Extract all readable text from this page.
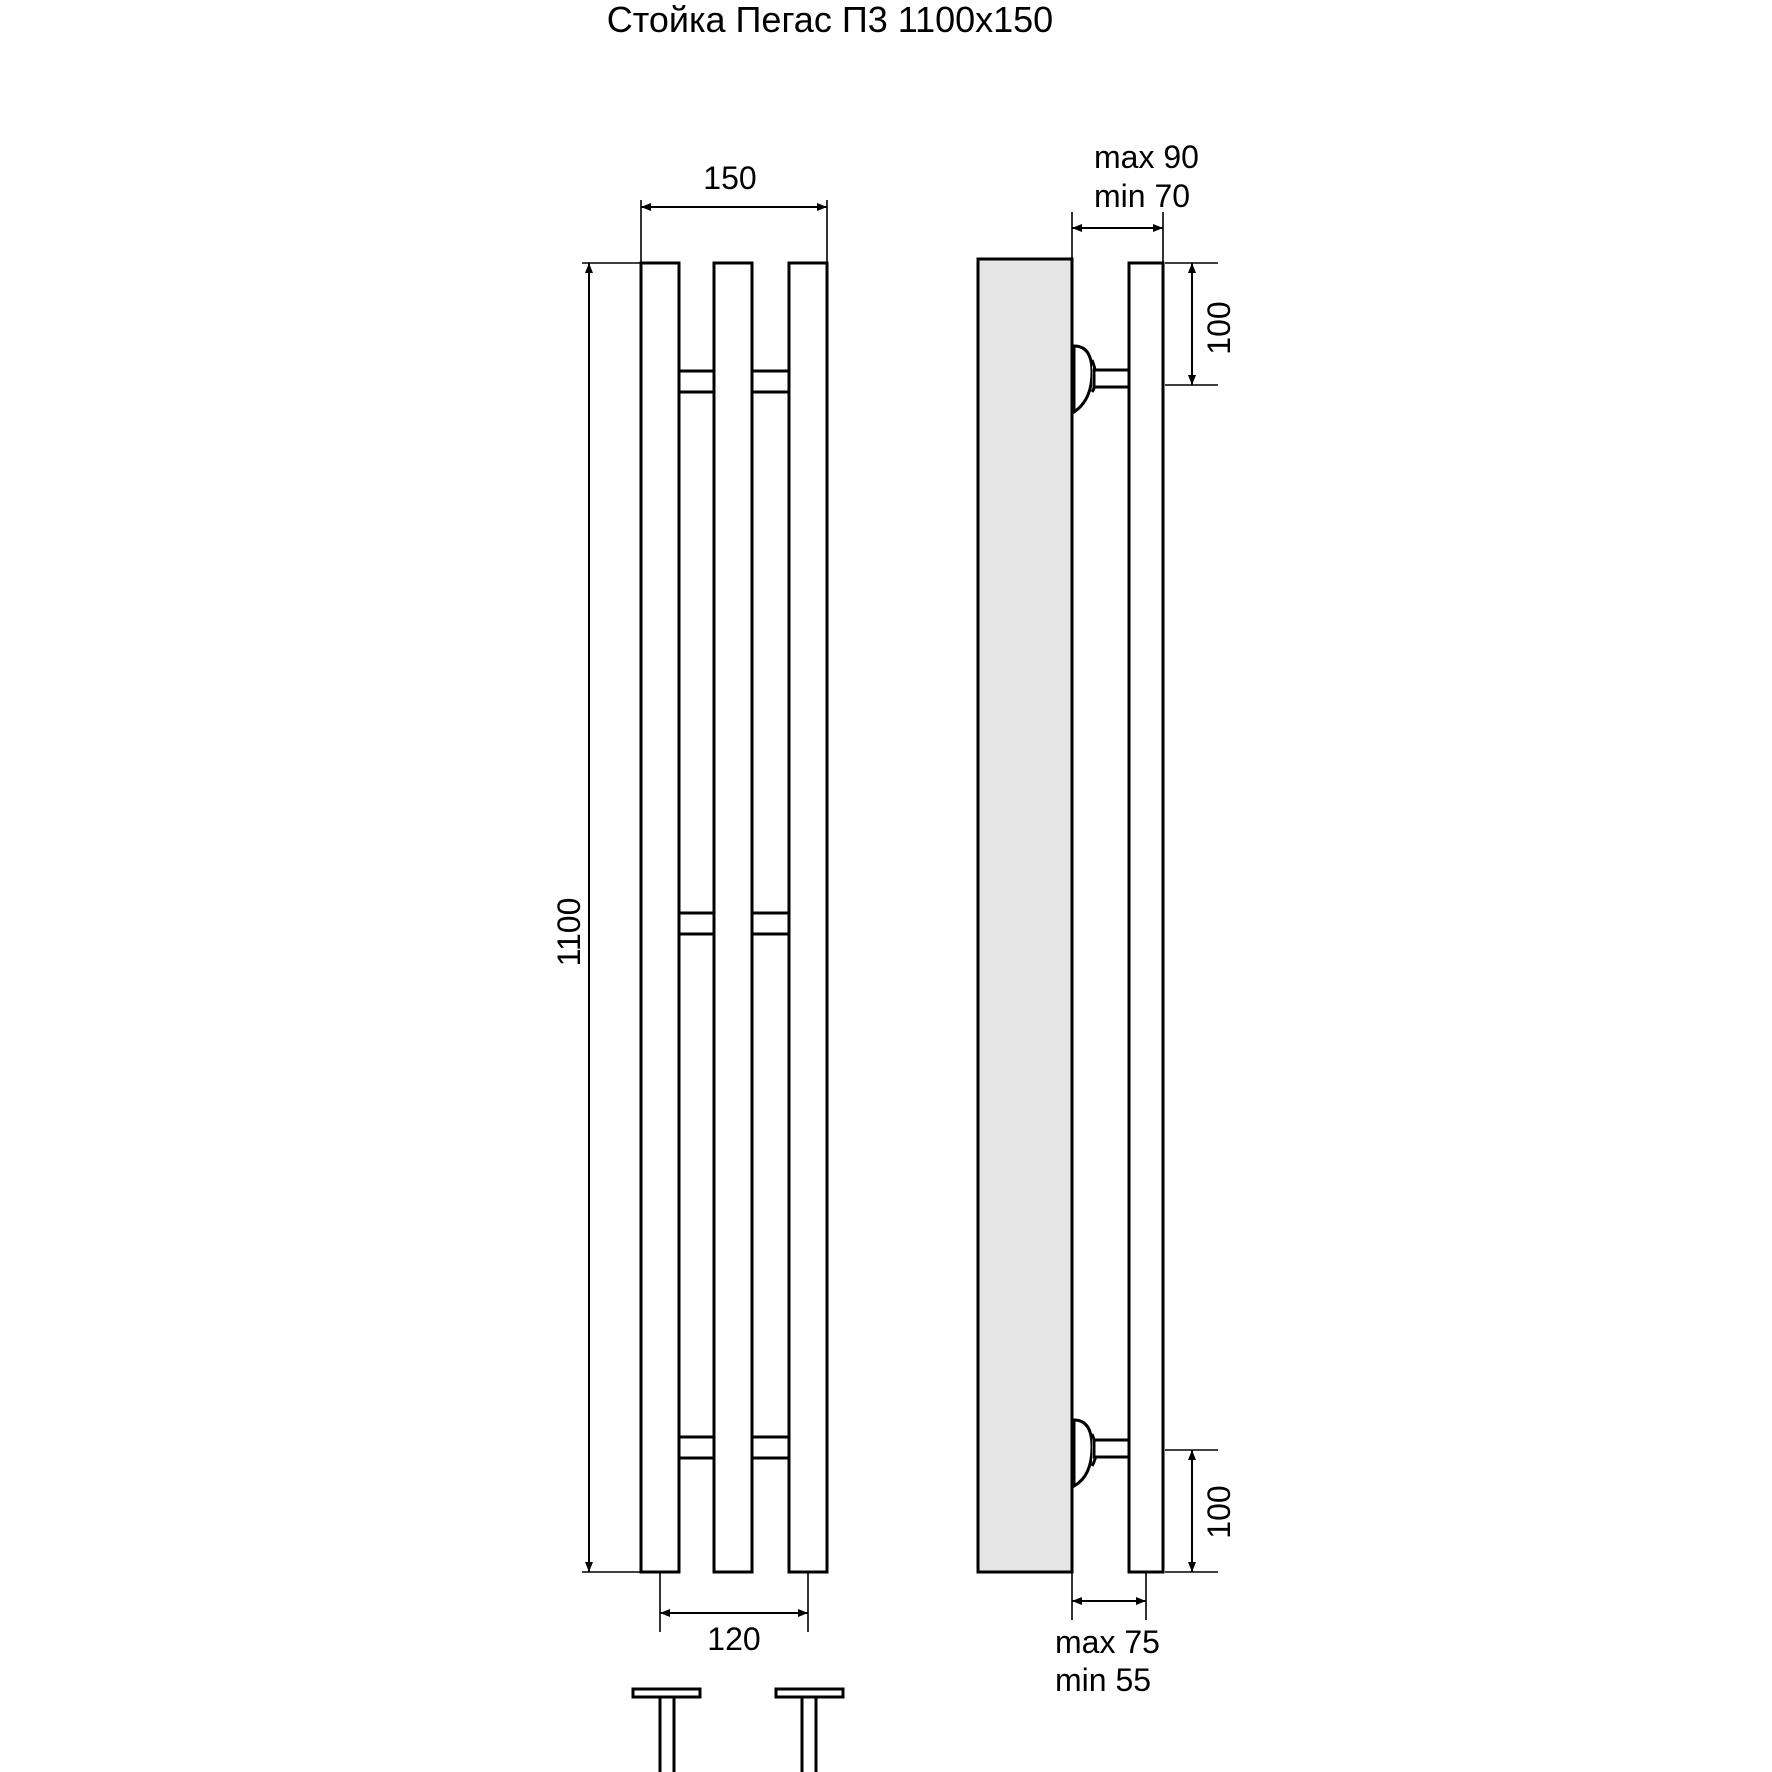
Стойка Пегас П3 1100х150
150
1100
120
max 90
min 70
max 75
min 55
100
100
